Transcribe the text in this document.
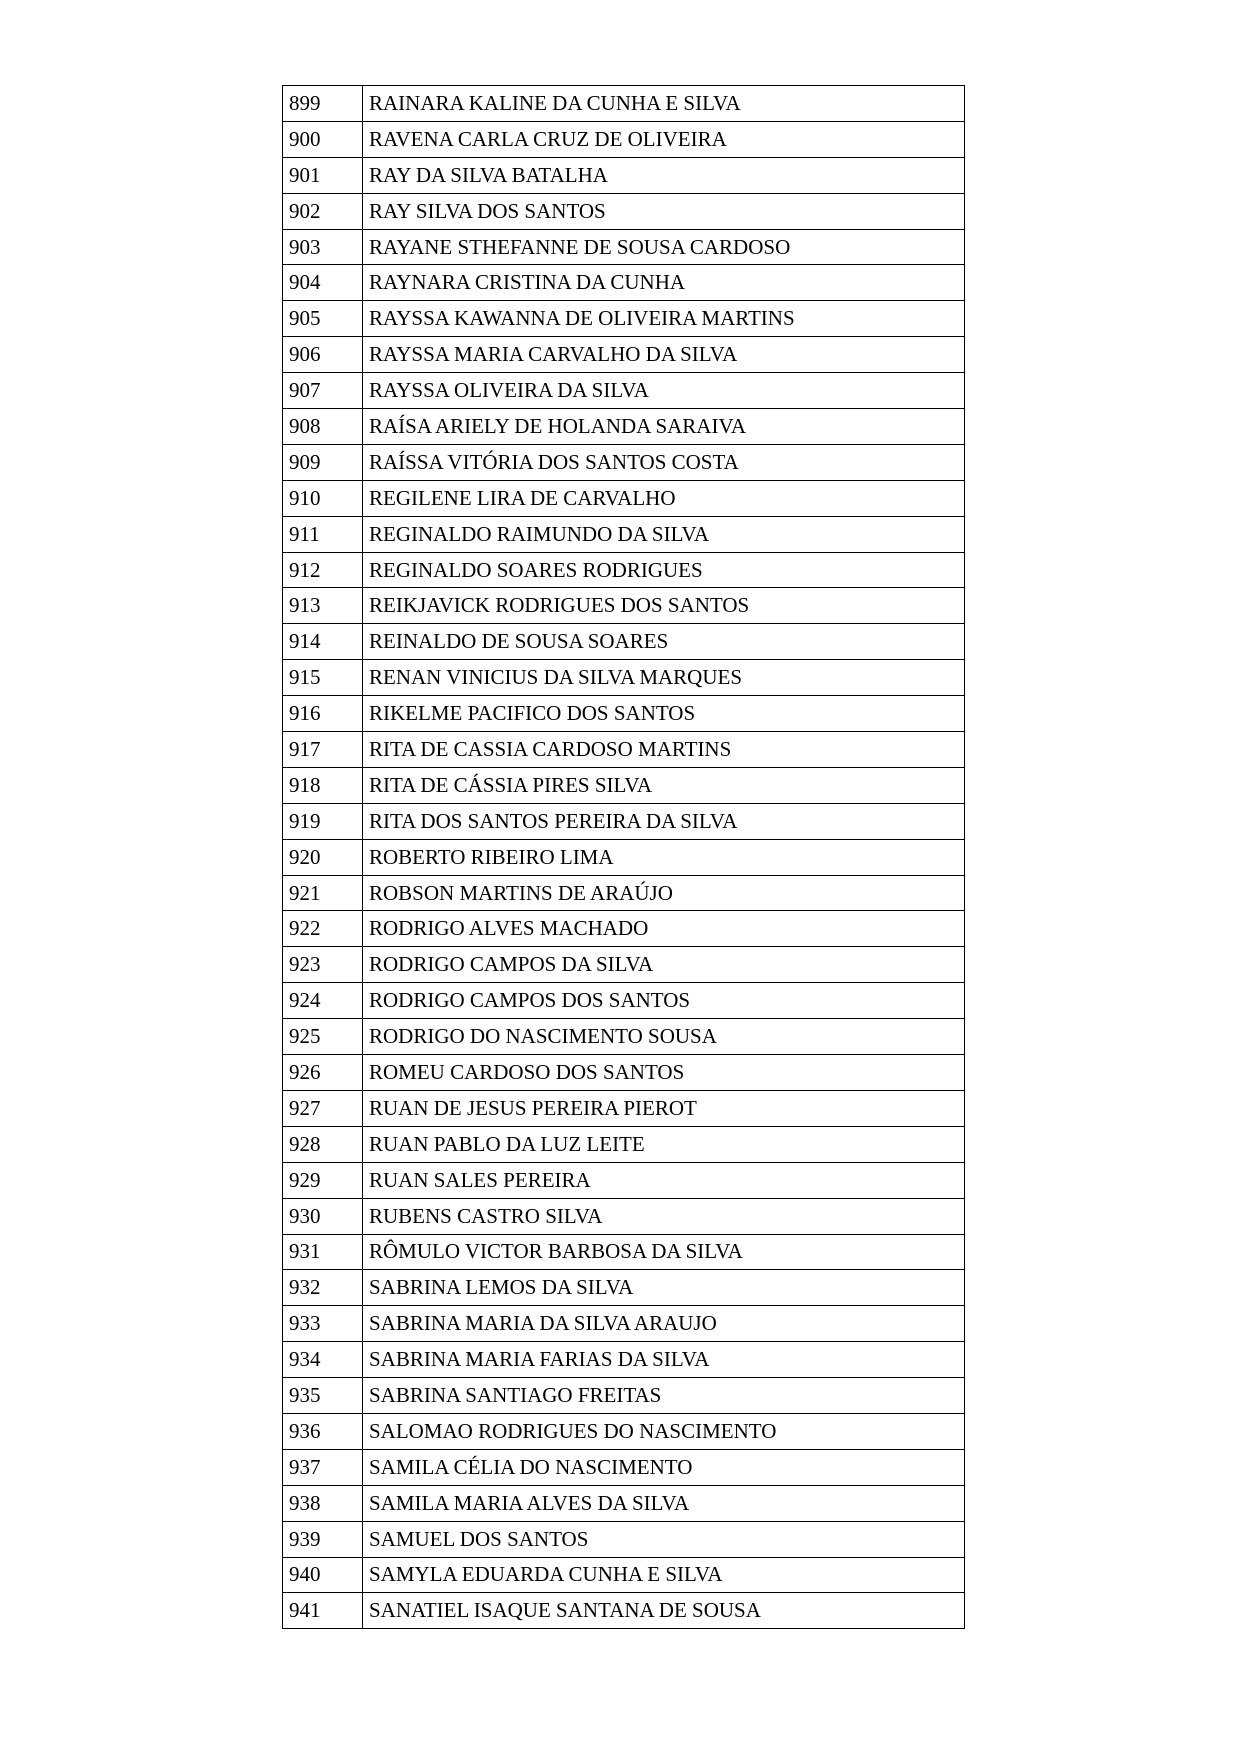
899	RAINARA KALINE DA CUNHA E SILVA
900	RAVENA CARLA CRUZ DE OLIVEIRA
901	RAY DA SILVA BATALHA
902	RAY SILVA DOS SANTOS
903	RAYANE STHEFANNE DE SOUSA CARDOSO
904	RAYNARA CRISTINA DA CUNHA
905	RAYSSA KAWANNA DE OLIVEIRA MARTINS
906	RAYSSA MARIA CARVALHO DA SILVA
907	RAYSSA OLIVEIRA DA SILVA
908	RAÍSA ARIELY DE HOLANDA SARAIVA
909	RAÍSSA VITÓRIA DOS SANTOS COSTA
910	REGILENE LIRA DE CARVALHO
911	REGINALDO RAIMUNDO DA SILVA
912	REGINALDO SOARES RODRIGUES
913	REIKJAVICK RODRIGUES DOS SANTOS
914	REINALDO DE SOUSA SOARES
915	RENAN VINICIUS DA SILVA MARQUES
916	RIKELME PACIFICO DOS SANTOS
917	RITA DE CASSIA CARDOSO MARTINS
918	RITA DE CÁSSIA PIRES SILVA
919	RITA DOS SANTOS PEREIRA DA SILVA
920	ROBERTO RIBEIRO LIMA
921	ROBSON MARTINS DE ARAÚJO
922	RODRIGO ALVES MACHADO
923	RODRIGO CAMPOS DA SILVA
924	RODRIGO CAMPOS DOS SANTOS
925	RODRIGO DO NASCIMENTO SOUSA
926	ROMEU CARDOSO DOS SANTOS
927	RUAN DE JESUS PEREIRA PIEROT
928	RUAN PABLO DA LUZ LEITE
929	RUAN SALES PEREIRA
930	RUBENS CASTRO SILVA
931	RÔMULO VICTOR BARBOSA DA SILVA
932	SABRINA LEMOS DA SILVA
933	SABRINA MARIA DA SILVA ARAUJO
934	SABRINA MARIA FARIAS DA SILVA
935	SABRINA SANTIAGO FREITAS
936	SALOMAO RODRIGUES DO NASCIMENTO
937	SAMILA CÉLIA DO NASCIMENTO
938	SAMILA MARIA ALVES DA SILVA
939	SAMUEL DOS SANTOS
940	SAMYLA EDUARDA CUNHA E SILVA
941	SANATIEL ISAQUE SANTANA DE SOUSA
